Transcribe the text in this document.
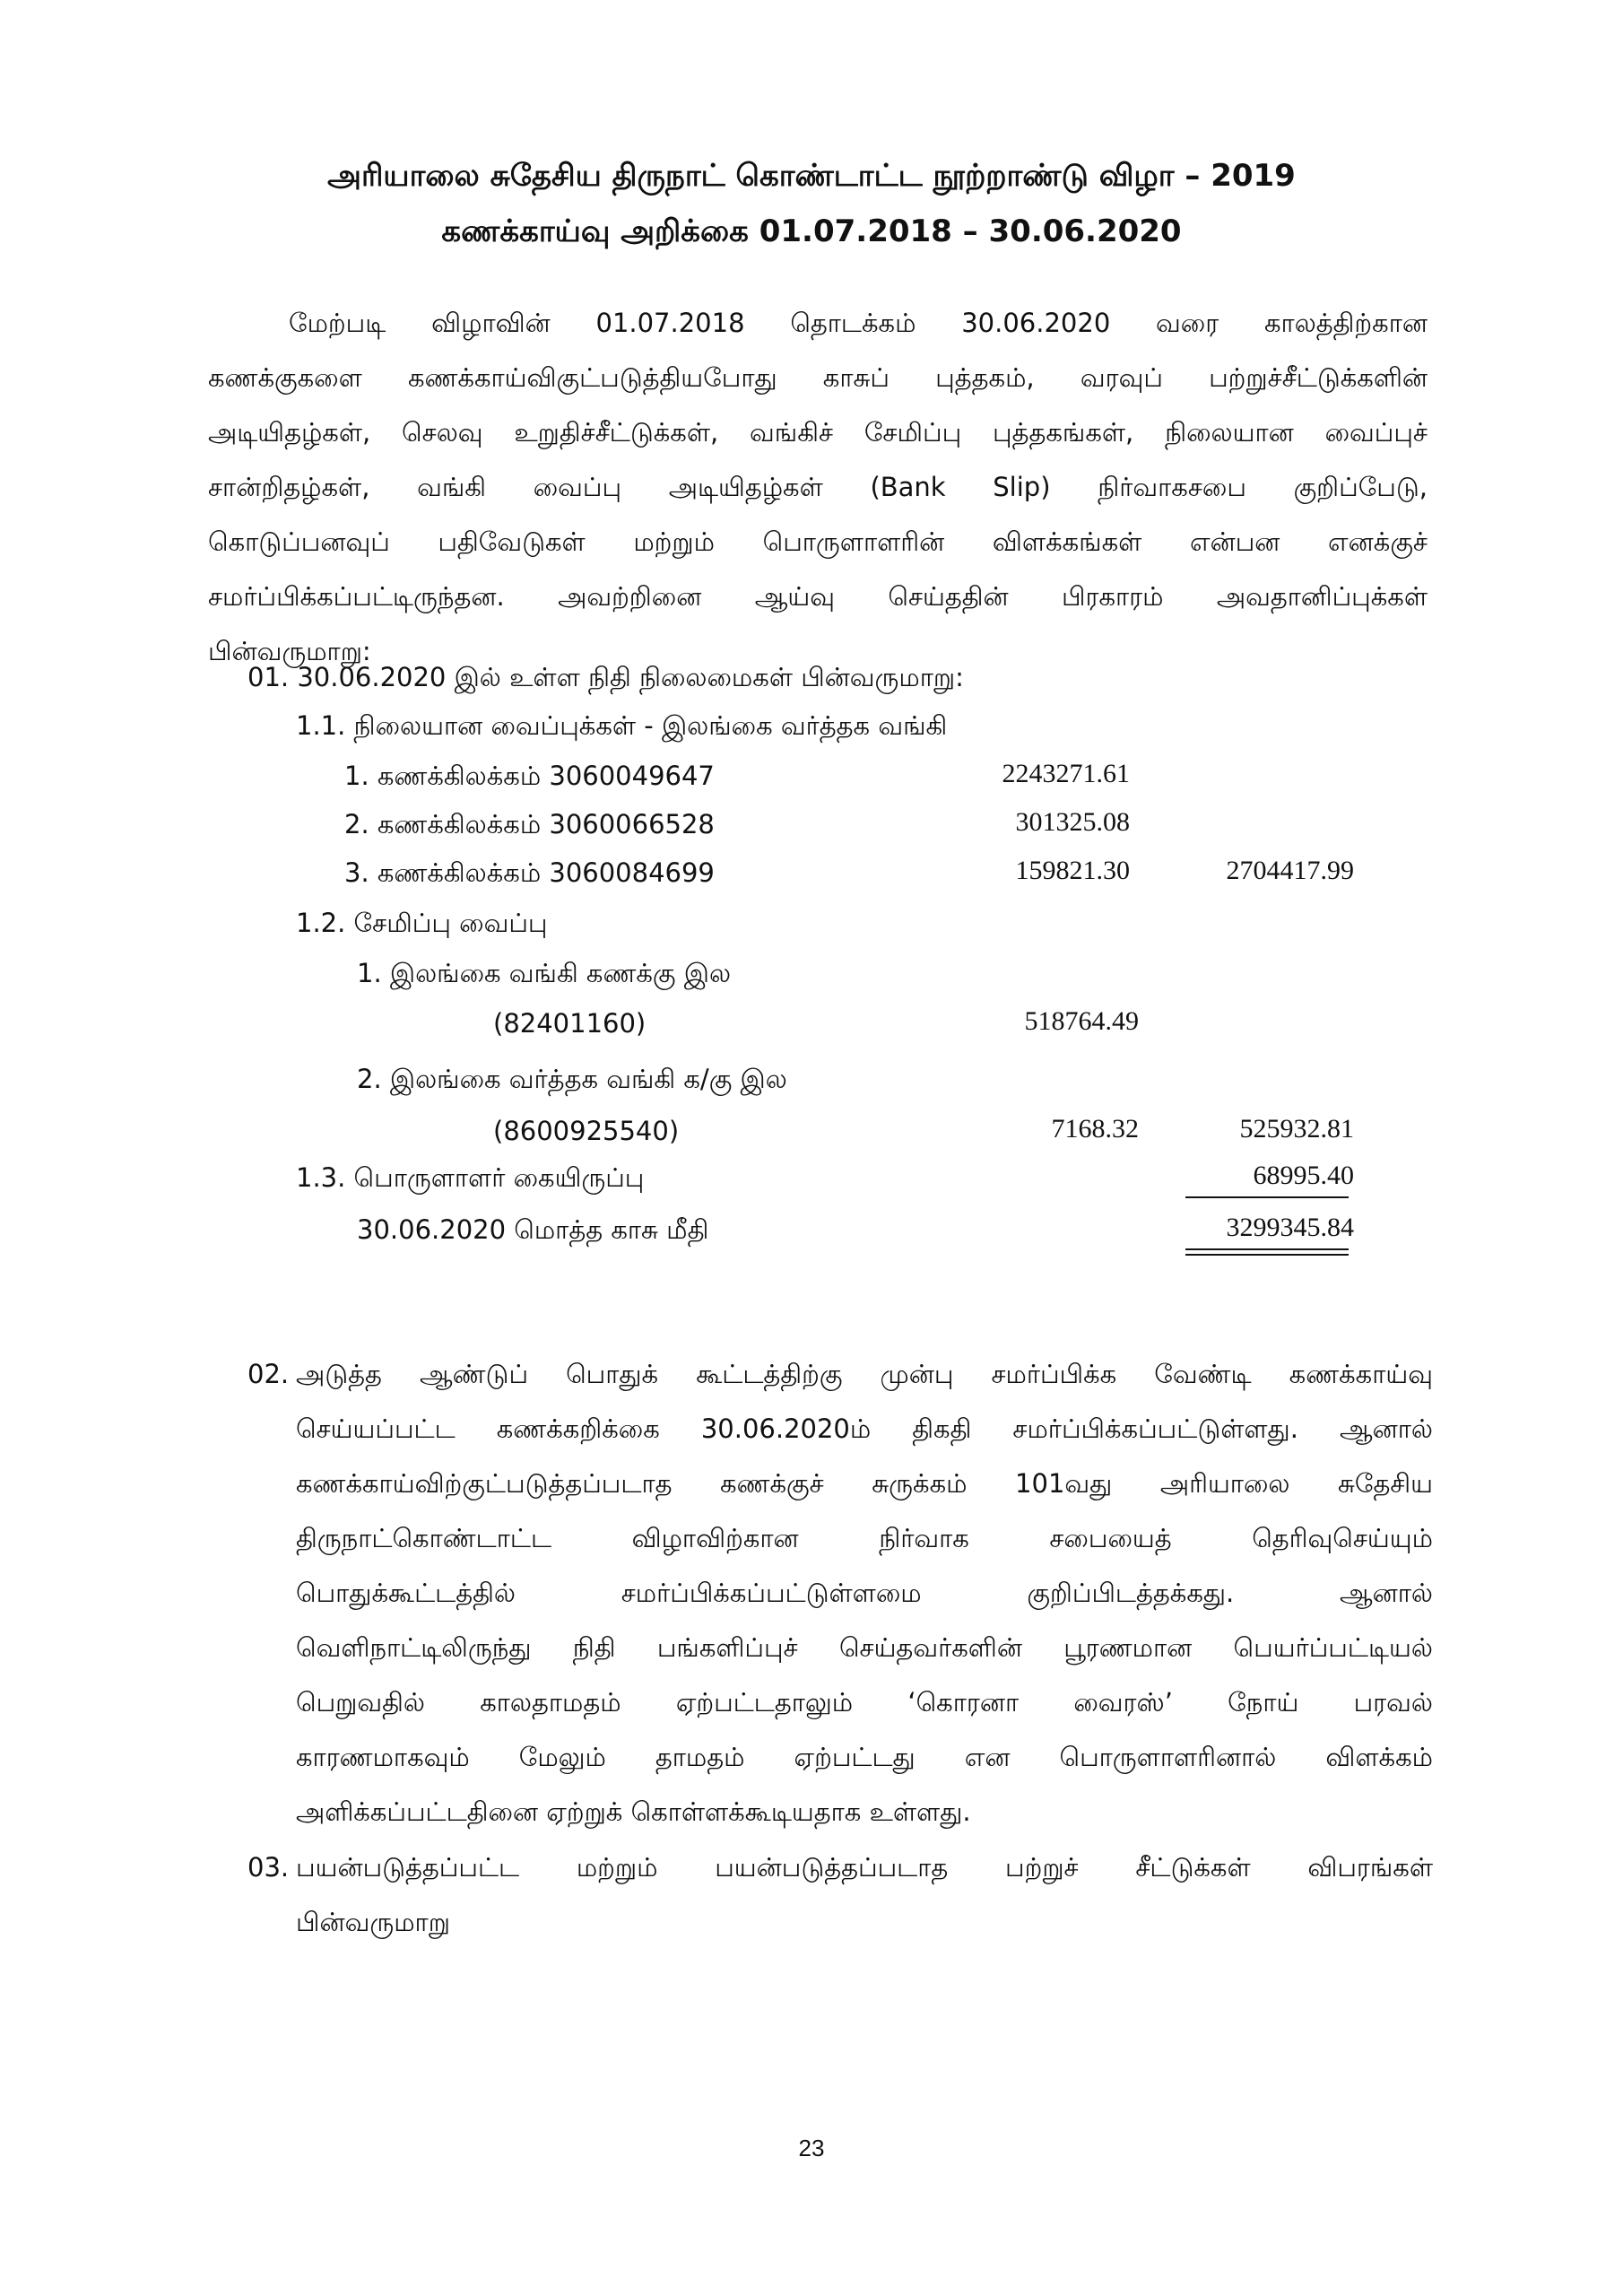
அரியாலை சுதேசிய திருநாட் கொண்டாட்ட நூற்றாண்டு விழா – 2019
கணக்காய்வு அறிக்கை 01.07.2018 – 30.06.2020
மேற்படி விழாவின் 01.07.2018 தொடக்கம் 30.06.2020 வரை காலத்திற்கான
கணக்குகளை கணக்காய்விகுட்படுத்தியபோது காசுப் புத்தகம், வரவுப் பற்றுச்சீட்டுக்களின்
அடியிதழ்கள், செலவு உறுதிச்சீட்டுக்கள், வங்கிச் சேமிப்பு புத்தகங்கள், நிலையான வைப்புச்
சான்றிதழ்கள், வங்கி வைப்பு அடியிதழ்கள் (Bank Slip) நிர்வாகசபை குறிப்பேடு,
கொடுப்பனவுப் பதிவேடுகள் மற்றும் பொருளாளரின் விளக்கங்கள் என்பன எனக்குச்
சமர்ப்பிக்கப்பட்டிருந்தன. அவற்றினை ஆய்வு செய்ததின் பிரகாரம் அவதானிப்புக்கள்
பின்வருமாறு:
01. 30.06.2020 இல் உள்ள நிதி நிலைமைகள் பின்வருமாறு:
1.1. நிலையான வைப்புக்கள் - இலங்கை வர்த்தக வங்கி
1. கணக்கிலக்கம் 3060049647	2243271.61
2. கணக்கிலக்கம் 3060066528	301325.08
3. கணக்கிலக்கம் 3060084699	159821.30	2704417.99
1.2. சேமிப்பு வைப்பு
1. இலங்கை வங்கி கணக்கு இல
(82401160)	518764.49
2. இலங்கை வர்த்தக வங்கி க/கு இல
(8600925540)	7168.32	525932.81
1.3. பொருளாளர் கையிருப்பு	68995.40
30.06.2020 மொத்த காசு மீதி	3299345.84
02. அடுத்த ஆண்டுப் பொதுக் கூட்டத்திற்கு முன்பு சமர்ப்பிக்க வேண்டி கணக்காய்வு
செய்யப்பட்ட கணக்கறிக்கை 30.06.2020ம் திகதி சமர்ப்பிக்கப்பட்டுள்ளது. ஆனால்
கணக்காய்விற்குட்படுத்தப்படாத கணக்குச் சுருக்கம் 101வது அரியாலை சுதேசிய
திருநாட்கொண்டாட்ட விழாவிற்கான நிர்வாக சபையைத் தெரிவுசெய்யும்
பொதுக்கூட்டத்தில் சமர்ப்பிக்கப்பட்டுள்ளமை குறிப்பிடத்தக்கது. ஆனால்
வெளிநாட்டிலிருந்து நிதி பங்களிப்புச் செய்தவர்களின் பூரணமான பெயர்ப்பட்டியல்
பெறுவதில் காலதாமதம் ஏற்பட்டதாலும் ‘கொரனா வைரஸ்’ நோய் பரவல்
காரணமாகவும் மேலும் தாமதம் ஏற்பட்டது என பொருளாளரினால் விளக்கம்
அளிக்கப்பட்டதினை ஏற்றுக் கொள்ளக்கூடியதாக உள்ளது.
03. பயன்படுத்தப்பட்ட மற்றும் பயன்படுத்தப்படாத பற்றுச் சீட்டுக்கள் விபரங்கள்
பின்வருமாறு
23
